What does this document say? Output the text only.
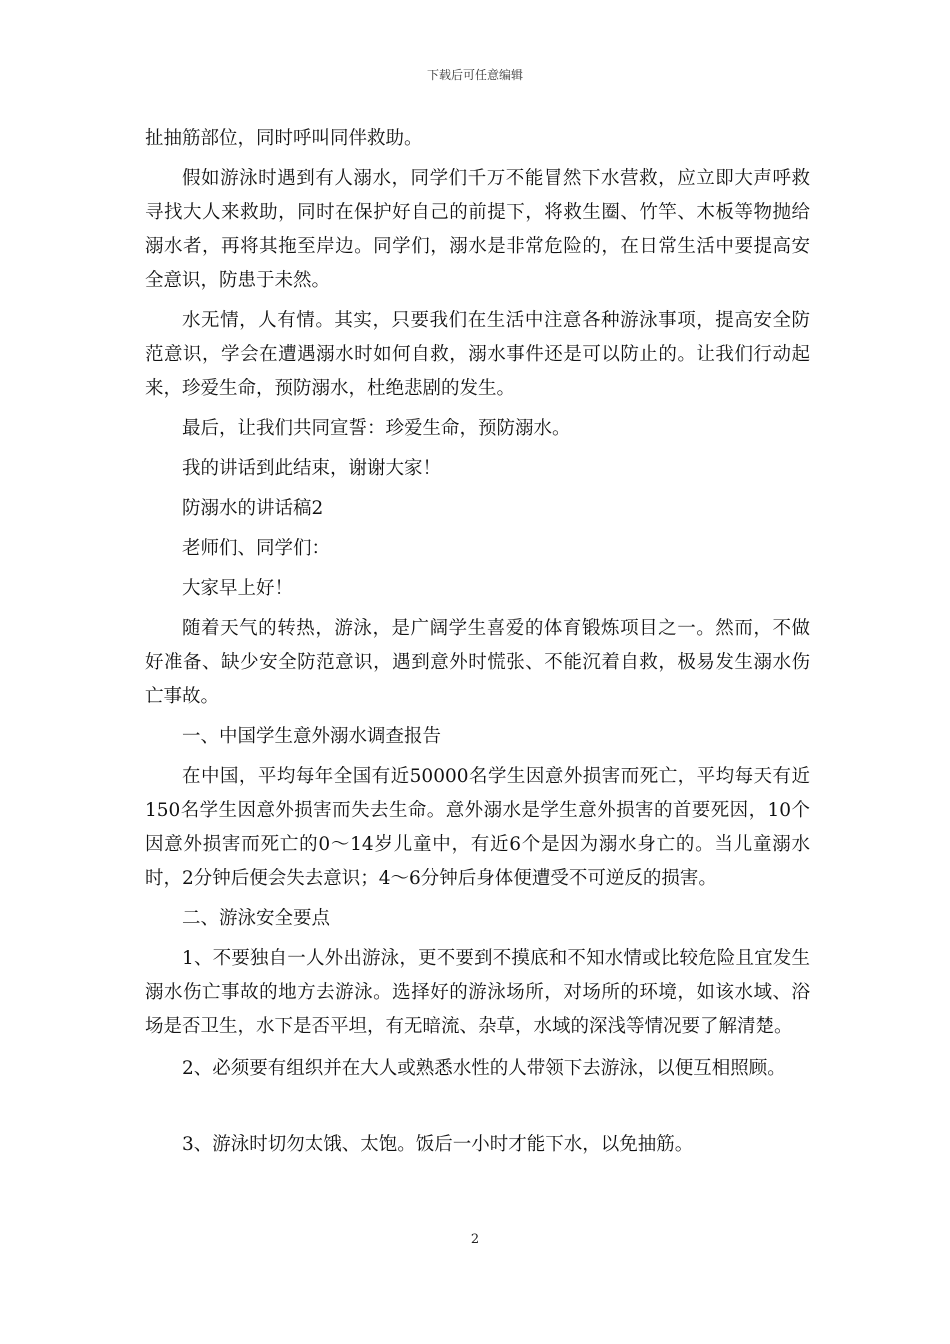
下载后可任意编辑

扯抽筋部位，同时呼叫同伴救助。

假如游泳时遇到有人溺水，同学们千万不能冒然下水营救，应立即大声呼救寻找大人来救助，同时在保护好自己的前提下，将救生圈、竹竿、木板等物抛给溺水者，再将其拖至岸边。同学们，溺水是非常危险的，在日常生活中要提高安全意识，防患于未然。

水无情，人有情。其实，只要我们在生活中注意各种游泳事项，提高安全防范意识，学会在遭遇溺水时如何自救，溺水事件还是可以防止的。让我们行动起来，珍爱生命，预防溺水，杜绝悲剧的发生。

最后，让我们共同宣誓：珍爱生命，预防溺水。

我的讲话到此结束，谢谢大家！

防溺水的讲话稿2

老师们、同学们：

大家早上好！

随着天气的转热，游泳，是广阔学生喜爱的体育锻炼项目之一。然而，不做好准备、缺少安全防范意识，遇到意外时慌张、不能沉着自救，极易发生溺水伤亡事故。

一、中国学生意外溺水调查报告

在中国，平均每年全国有近50000名学生因意外损害而死亡，平均每天有近150名学生因意外损害而失去生命。意外溺水是学生意外损害的首要死因，10个因意外损害而死亡的0～14岁儿童中，有近6个是因为溺水身亡的。当儿童溺水时，2分钟后便会失去意识；4～6分钟后身体便遭受不可逆反的损害。

二、游泳安全要点

1、不要独自一人外出游泳，更不要到不摸底和不知水情或比较危险且宜发生溺水伤亡事故的地方去游泳。选择好的游泳场所，对场所的环境，如该水域、浴场是否卫生，水下是否平坦，有无暗流、杂草，水域的深浅等情况要了解清楚。

2、必须要有组织并在大人或熟悉水性的人带领下去游泳，以便互相照顾。

3、游泳时切勿太饿、太饱。饭后一小时才能下水，以免抽筋。

2
